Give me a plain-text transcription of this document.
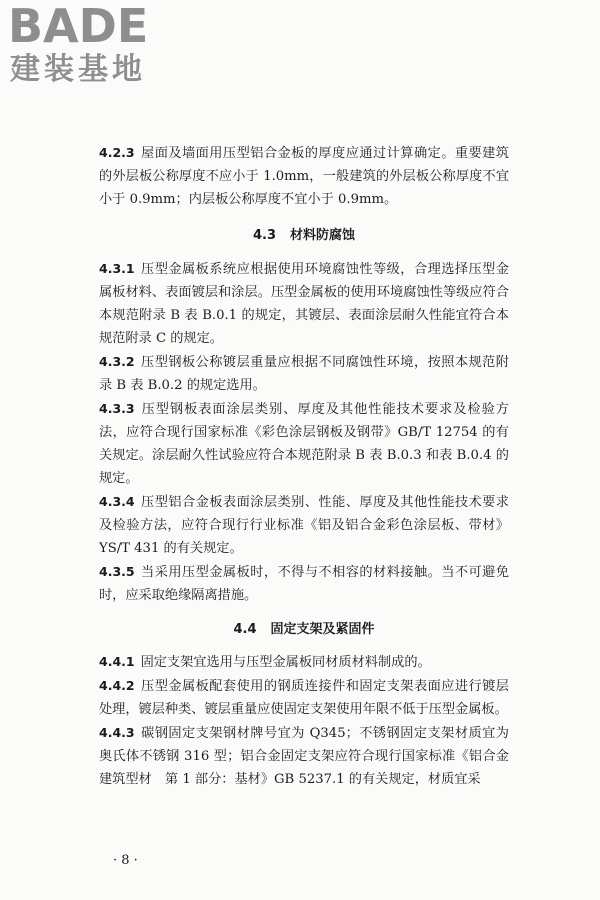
BADE
建装基地

4.2.3 屋面及墙面用压型铝合金板的厚度应通过计算确定。重要建筑的外层板公称厚度不应小于 1.0mm，一般建筑的外层板公称厚度不宜小于 0.9mm；内层板公称厚度不宜小于 0.9mm。

4.3 材料防腐蚀

4.3.1 压型金属板系统应根据使用环境腐蚀性等级，合理选择压型金属板材料、表面镀层和涂层。压型金属板的使用环境腐蚀性等级应符合本规范附录 B 表 B.0.1 的规定，其镀层、表面涂层耐久性能宜符合本规范附录 C 的规定。

4.3.2 压型钢板公称镀层重量应根据不同腐蚀性环境，按照本规范附录 B 表 B.0.2 的规定选用。

4.3.3 压型钢板表面涂层类别、厚度及其他性能技术要求及检验方法，应符合现行国家标准《彩色涂层钢板及钢带》GB/T 12754 的有关规定。涂层耐久性试验应符合本规范附录 B 表 B.0.3 和表 B.0.4 的规定。

4.3.4 压型铝合金板表面涂层类别、性能、厚度及其他性能技术要求及检验方法，应符合现行行业标准《铝及铝合金彩色涂层板、带材》YS/T 431 的有关规定。

4.3.5 当采用压型金属板时，不得与不相容的材料接触。当不可避免时，应采取绝缘隔离措施。

4.4 固定支架及紧固件

4.4.1 固定支架宜选用与压型金属板同材质材料制成的。

4.4.2 压型金属板配套使用的钢质连接件和固定支架表面应进行镀层处理，镀层种类、镀层重量应使固定支架使用年限不低于压型金属板。

4.4.3 碳钢固定支架钢材牌号宜为 Q345；不锈钢固定支架材质宜为奥氏体不锈钢 316 型；铝合金固定支架应符合现行国家标准《铝合金建筑型材　第 1 部分：基材》GB 5237.1 的有关规定，材质宜采

· 8 ·
